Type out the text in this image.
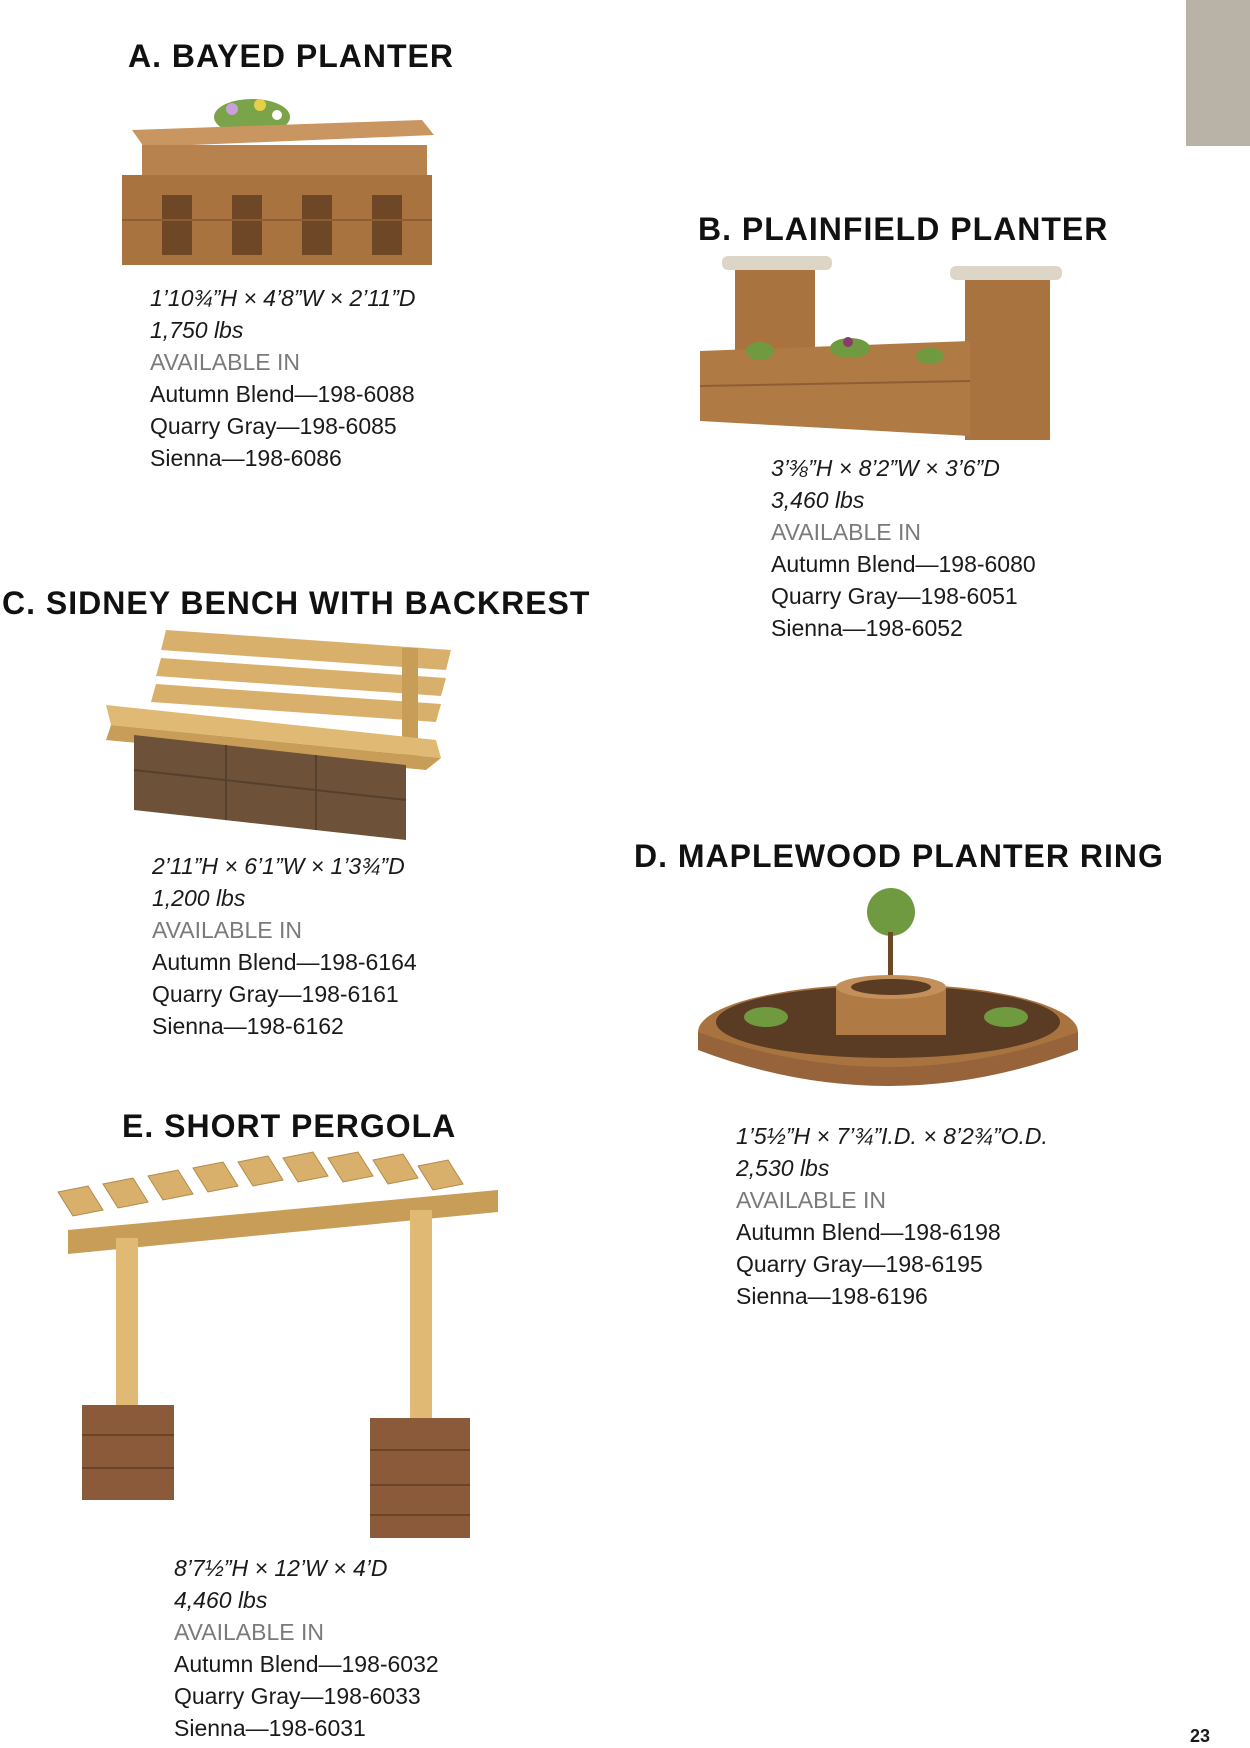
A. BAYED PLANTER
1’10¾”H × 4’8”W × 2’11”D
1,750 lbs
AVAILABLE IN
Autumn Blend—198-6088
Quarry Gray—198-6085
Sienna—198-6086
B. PLAINFIELD PLANTER
3’⅜”H × 8’2”W × 3’6”D
3,460 lbs
AVAILABLE IN
Autumn Blend—198-6080
Quarry Gray—198-6051
Sienna—198-6052
C. SIDNEY BENCH WITH BACKREST
2’11”H × 6’1”W × 1’3¾”D
1,200 lbs
AVAILABLE IN
Autumn Blend—198-6164
Quarry Gray—198-6161
Sienna—198-6162
D. MAPLEWOOD PLANTER RING
1’5½”H × 7’¾”I.D. × 8’2¾”O.D.
2,530 lbs
AVAILABLE IN
Autumn Blend—198-6198
Quarry Gray—198-6195
Sienna—198-6196
E. SHORT PERGOLA
8’7½”H × 12’W × 4’D
4,460 lbs
AVAILABLE IN
Autumn Blend—198-6032
Quarry Gray—198-6033
Sienna—198-6031	23
